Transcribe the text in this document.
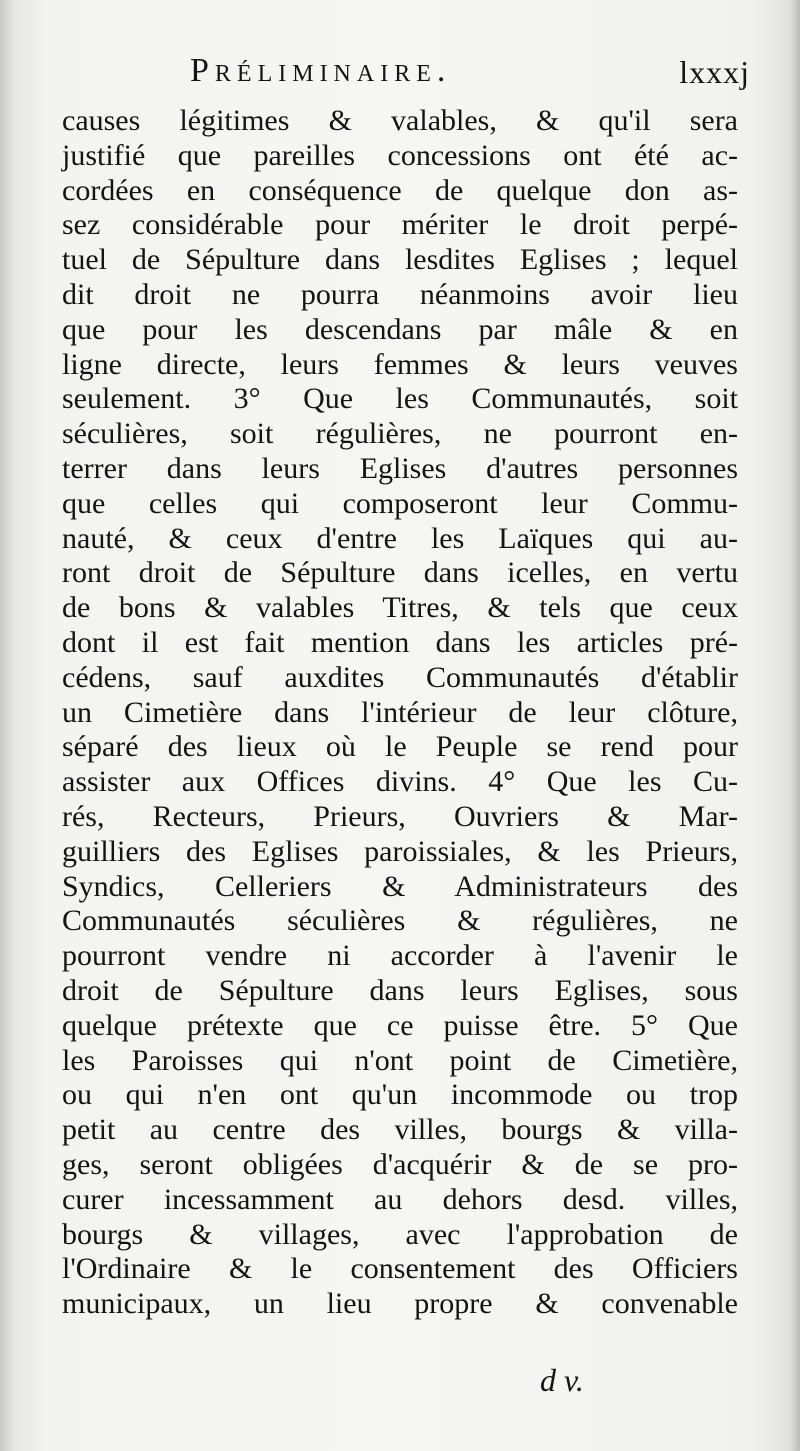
Préliminaire.	lxxxj
causes légitimes & valables, & qu'il sera
justifié que pareilles concessions ont été ac-
cordées en conséquence de quelque don as-
sez considérable pour mériter le droit perpé-
tuel de Sépulture dans lesdites Eglises ; lequel
dit droit ne pourra néanmoins avoir lieu
que pour les descendans par mâle & en
ligne directe, leurs femmes & leurs veuves
seulement. 3° Que les Communautés, soit
séculières, soit régulières, ne pourront en-
terrer dans leurs Eglises d'autres personnes
que celles qui composeront leur Commu-
nauté, & ceux d'entre les Laïques qui au-
ront droit de Sépulture dans icelles, en vertu
de bons & valables Titres, & tels que ceux
dont il est fait mention dans les articles pré-
cédens, sauf auxdites Communautés d'établir
un Cimetière dans l'intérieur de leur clôture,
séparé des lieux où le Peuple se rend pour
assister aux Offices divins. 4° Que les Cu-
rés, Recteurs, Prieurs, Ouvriers & Mar-
guilliers des Eglises paroissiales, & les Prieurs,
Syndics, Celleriers & Administrateurs des
Communautés séculières & régulières, ne
pourront vendre ni accorder à l'avenir le
droit de Sépulture dans leurs Eglises, sous
quelque prétexte que ce puisse être. 5° Que
les Paroisses qui n'ont point de Cimetière,
ou qui n'en ont qu'un incommode ou trop
petit au centre des villes, bourgs & villa-
ges, seront obligées d'acquérir & de se pro-
curer incessamment au dehors desd. villes,
bourgs & villages, avec l'approbation de
l'Ordinaire & le consentement des Officiers
municipaux, un lieu propre & convenable
d v.
